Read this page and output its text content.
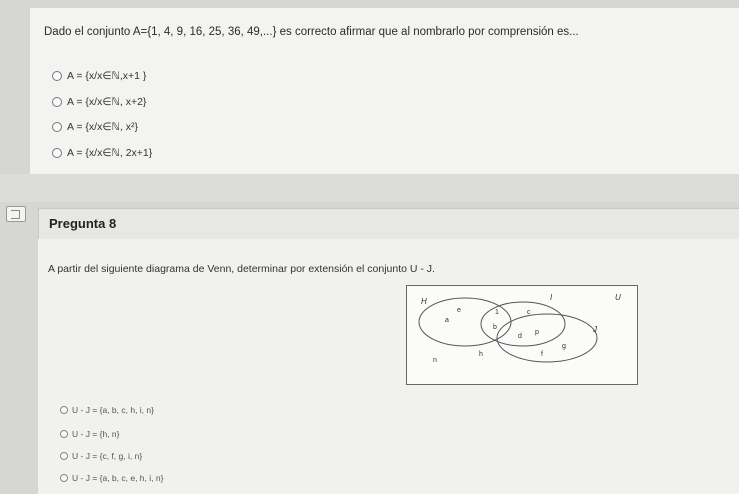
Dado el conjunto A={1, 4, 9, 16, 25, 36, 49,...} es correcto afirmar que al nombrarlo por comprensión es...
A = {x/x∈ℕ,x+1 }
A = {x/x∈ℕ, x+2}
A = {x/x∈ℕ, x²}
A = {x/x∈ℕ, 2x+1}
Pregunta 8
A partir del siguiente diagrama de Venn, determinar por extensión el conjunto U - J.
H	I	U
J
a
e	1
b
c
d
p
g
f
n
h
U - J = {a, b, c, h, i, n}
U - J = {h, n}
U - J = {c, f, g, i, n}
U - J = {a, b, c, e, h, i, n}
